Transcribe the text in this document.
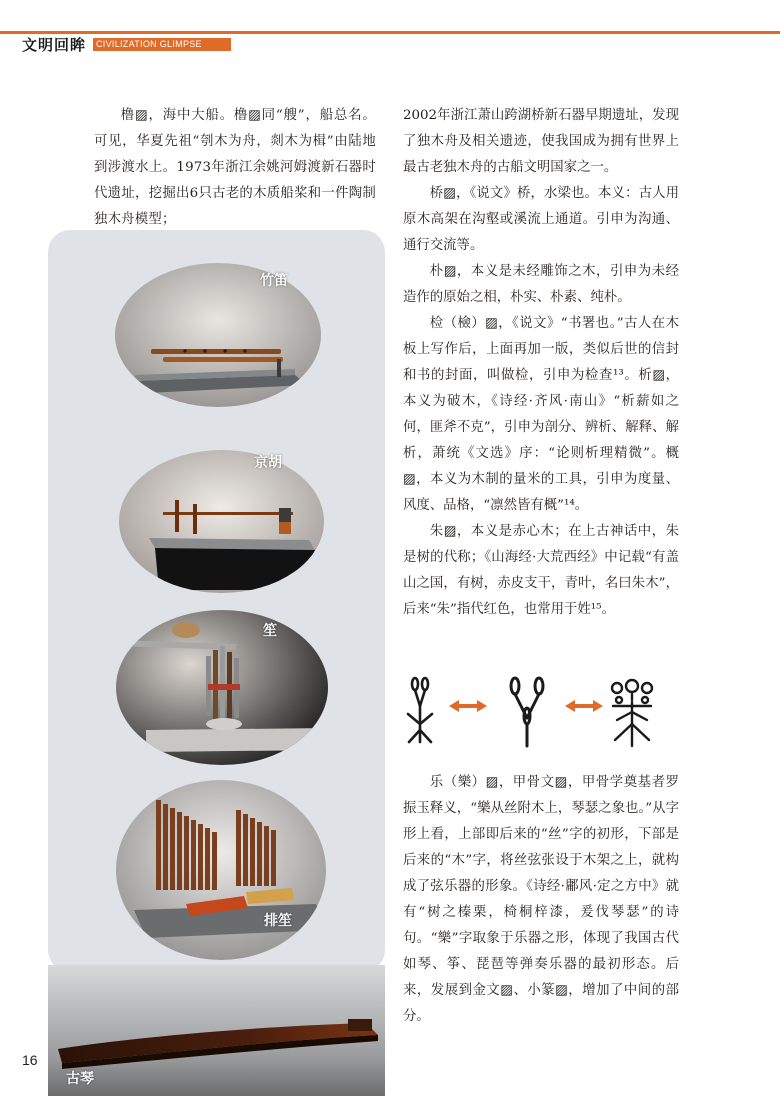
文明回眸	CIVILIZATION GLIMPSE

橹▨，海中大船。橹▨同“艘”，船总名。可见，华夏先祖“刳木为舟，剡木为楫”由陆地到涉渡水上。1973年浙江余姚河姆渡新石器时代遗址，挖掘出6只古老的木质船桨和一件陶制独木舟模型；

竹笛
京胡
笙
排笙
16
古琴

2002年浙江萧山跨湖桥新石器早期遗址，发现了独木舟及相关遗迹，使我国成为拥有世界上最古老独木舟的古船文明国家之一。

桥▨，《说文》桥，水梁也。本义：古人用原木高架在沟壑或溪流上通道。引申为沟通、通行交流等。

朴▨，本义是未经雕饰之木，引申为未经造作的原始之相，朴实、朴素、纯朴。

检（檢）▨，《说文》“书署也。”古人在木板上写作后，上面再加一版，类似后世的信封和书的封面，叫做检，引申为检查¹³。析▨，本义为破木，《诗经·齐风·南山》“析薪如之何，匪斧不克”，引申为剖分、辨析、解释、解析，萧统《文选》序：“论则析理精微”。概▨，本义为木制的量米的工具，引申为度量、风度、品格，“凛然皆有概”¹⁴。

朱▨，本义是赤心木；在上古神话中，朱是树的代称；《山海经·大荒西经》中记载“有盖山之国，有树，赤皮支干，青叶，名曰朱木”，后来“朱”指代红色，也常用于姓¹⁵。

乐（樂）▨，甲骨文▨，甲骨学奠基者罗振玉释义，“樂从丝附木上，琴瑟之象也。”从字形上看，上部即后来的“丝”字的初形，下部是后来的“木”字，将丝弦张设于木架之上，就构成了弦乐器的形象。《诗经·鄘风·定之方中》就有“树之榛栗，椅桐梓漆，爰伐琴瑟”的诗句。“樂”字取象于乐器之形，体现了我国古代如琴、筝、琵琶等弹奏乐器的最初形态。后来，发展到金文▨、小篆▨，增加了中间的部分。
